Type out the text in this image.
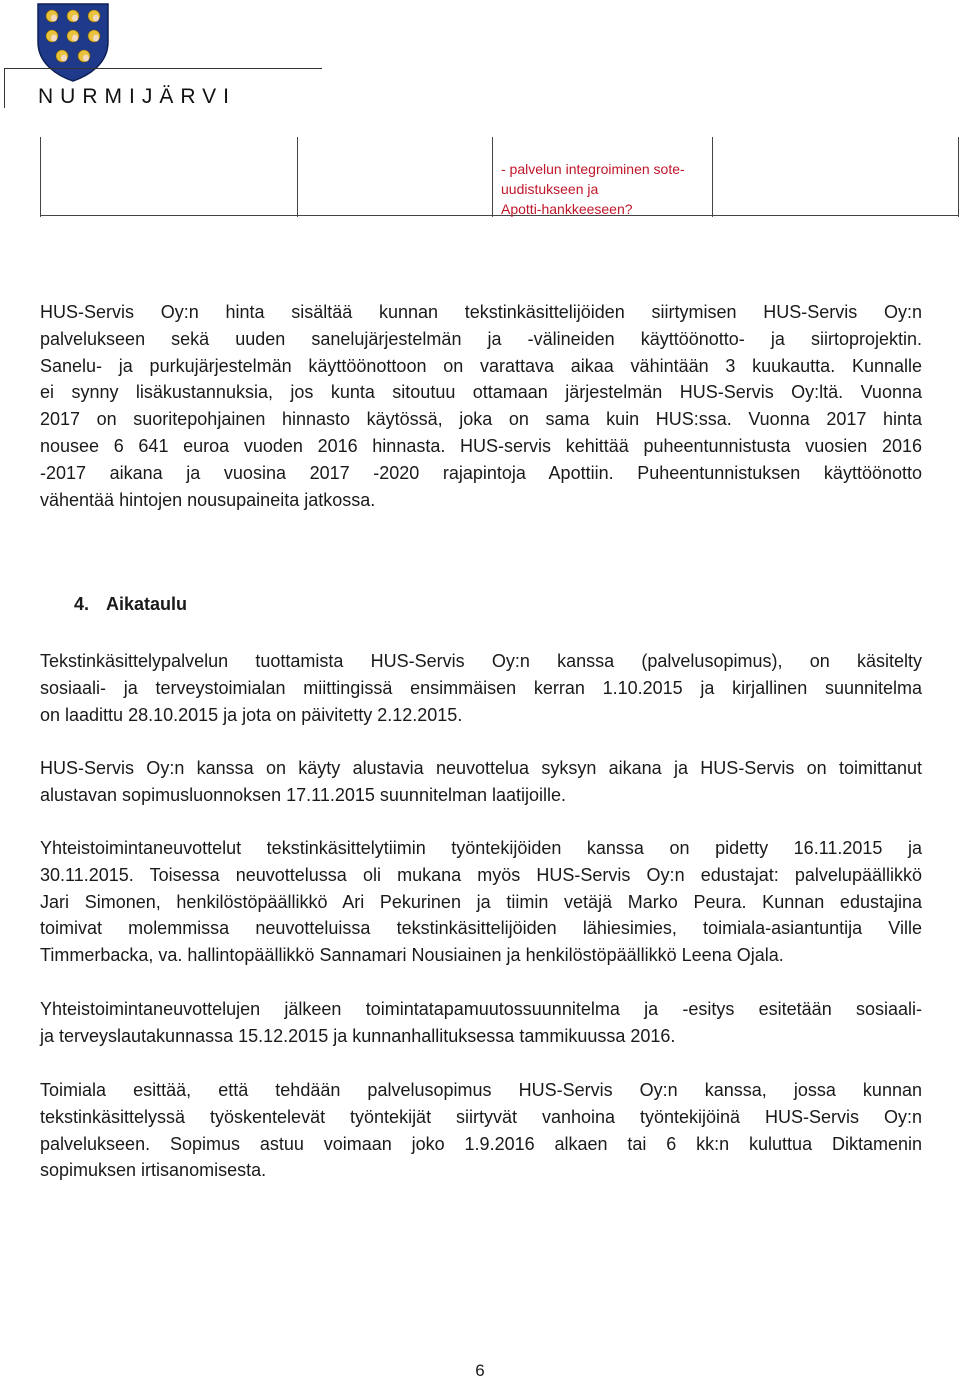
NURMIJÄRVI
- palvelun integroiminen sote-
uudistukseen ja
Apotti-hankkeeseen?
HUS-Servis Oy:n hinta sisältää kunnan tekstinkäsittelijöiden siirtymisen HUS-Servis Oy:n
palvelukseen sekä uuden sanelujärjestelmän ja -välineiden käyttöönotto- ja siirtoprojektin.
Sanelu- ja purkujärjestelmän käyttöönottoon on varattava aikaa vähintään 3 kuukautta. Kunnalle
ei synny lisäkustannuksia, jos kunta sitoutuu ottamaan järjestelmän HUS-Servis Oy:ltä. Vuonna
2017 on suoritepohjainen hinnasto käytössä, joka on sama kuin HUS:ssa. Vuonna 2017 hinta
nousee 6 641 euroa vuoden 2016 hinnasta. HUS-servis kehittää puheentunnistusta vuosien 2016
-2017 aikana ja vuosina 2017 -2020 rajapintoja Apottiin. Puheentunnistuksen käyttöönotto
vähentää hintojen nousupaineita jatkossa.
4. Aikataulu
Tekstinkäsittelypalvelun tuottamista HUS-Servis Oy:n kanssa (palvelusopimus), on käsitelty
sosiaali- ja terveystoimialan miittingissä ensimmäisen kerran 1.10.2015 ja kirjallinen suunnitelma
on laadittu 28.10.2015 ja jota on päivitetty 2.12.2015.
HUS-Servis Oy:n kanssa on käyty alustavia neuvottelua syksyn aikana ja HUS-Servis on toimittanut
alustavan sopimusluonnoksen 17.11.2015 suunnitelman laatijoille.
Yhteistoimintaneuvottelut tekstinkäsittelytiimin työntekijöiden kanssa on pidetty 16.11.2015 ja
30.11.2015. Toisessa neuvottelussa oli mukana myös HUS-Servis Oy:n edustajat: palvelupäällikkö
Jari Simonen, henkilöstöpäällikkö Ari Pekurinen ja tiimin vetäjä Marko Peura. Kunnan edustajina
toimivat molemmissa neuvotteluissa tekstinkäsittelijöiden lähiesimies, toimiala-asiantuntija Ville
Timmerbacka, va. hallintopäällikkö Sannamari Nousiainen ja henkilöstöpäällikkö Leena Ojala.
Yhteistoimintaneuvottelujen jälkeen toimintatapamuutossuunnitelma ja -esitys esitetään sosiaali-
ja terveyslautakunnassa 15.12.2015 ja kunnanhallituksessa tammikuussa 2016.
Toimiala esittää, että tehdään palvelusopimus HUS-Servis Oy:n kanssa, jossa kunnan
tekstinkäsittelyssä työskentelevät työntekijät siirtyvät vanhoina työntekijöinä HUS-Servis Oy:n
palvelukseen. Sopimus astuu voimaan joko 1.9.2016 alkaen tai 6 kk:n kuluttua Diktamenin
sopimuksen irtisanomisesta.
6
